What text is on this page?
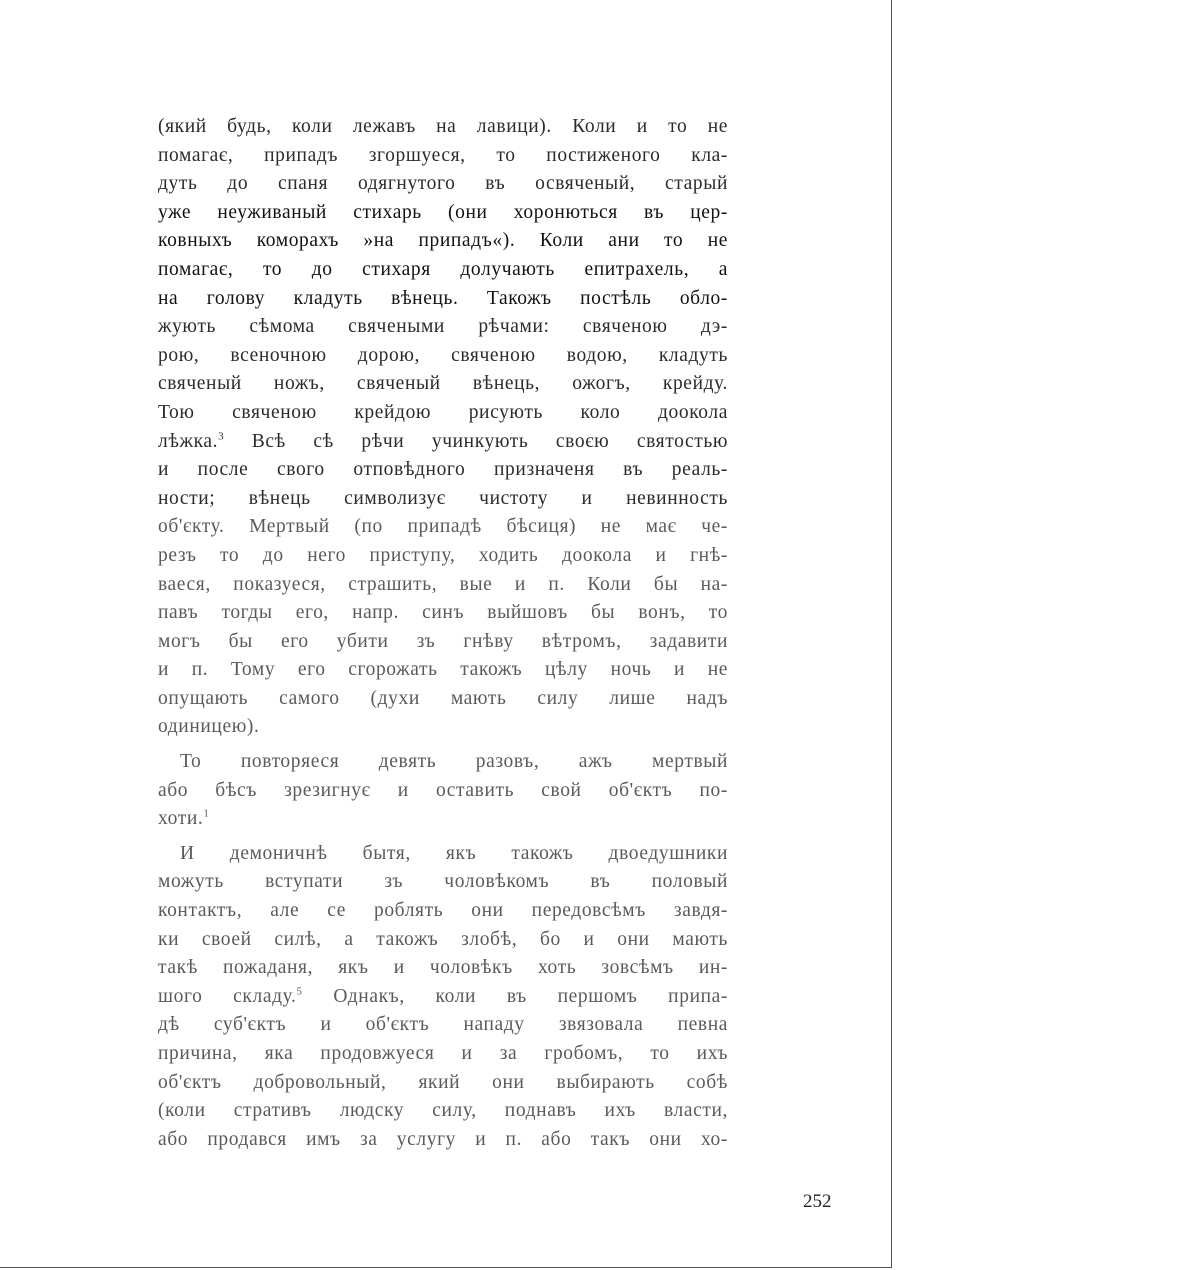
(який будь, коли лежавъ на лавици). Коли и то не
помагає, припадъ згоршуеся, то постиженого кла-
дуть до спаня одягнутого въ освяченый, старый
уже неуживаный стихарь (они хоронються въ цер-
ковныхъ коморахъ »на припадъ«). Коли ани то не
помагає, то до стихаря долучають епитрахель, а
на голову кладуть вѣнець. Такожъ постѣль обло-
жують сѣмома свячеными рѣчами: свяченою дэ-
рою, всеночною дорою, свяченою водою, кладуть
свяченый ножъ, свяченый вѣнець, ожогъ, крейду.
Тою свяченою крейдою рисують коло доокола
лѣжка.$^3$ Всѣ сѣ рѣчи учинкують своєю святостью
и после свого отповѣдного призначеня въ реаль-
ности; вѣнець символизує чистоту и невинность
об'єкту. Мертвый (по припадѣ бѣсиця) не має че-
резъ то до него приступу, ходить доокола и гнѣ-
ваеся, показуеся, страшить, вые и п. Коли бы на-
павъ тогды его, напр. синъ выйшовъ бы вонъ, то
могъ бы его убити зъ гнѣву вѣтромъ, задавити
и п. Тому его сгорожать такожъ цѣлу ночь и не
опущають самого (духи мають силу лише надъ
одиницею).
То повторяеся девять разовъ, ажъ мертвый
або бѣсъ зрезигнує и оставить свой об'єктъ по-
хоти.$^1$
И демоничнѣ бытя, якъ такожъ двоедушники
можуть вступати зъ чоловѣкомъ въ половый
контактъ, але се роблять они передовсѣмъ завдя-
ки своей силѣ, а такожъ злобѣ, бо и они мають
такѣ пожаданя, якъ и чоловѣкъ хоть зовсѣмъ ин-
шого складу.$^5$ Однакъ, коли въ першомъ припа-
дѣ суб'єктъ и об'єктъ нападу звязовала певна
причина, яка продовжуеся и за гробомъ, то ихъ
об'єктъ добровольный, який они выбирають собѣ
(коли стративъ людску силу, поднавъ ихъ власти,
або продався имъ за услугу и п. або такъ они хо-
252
